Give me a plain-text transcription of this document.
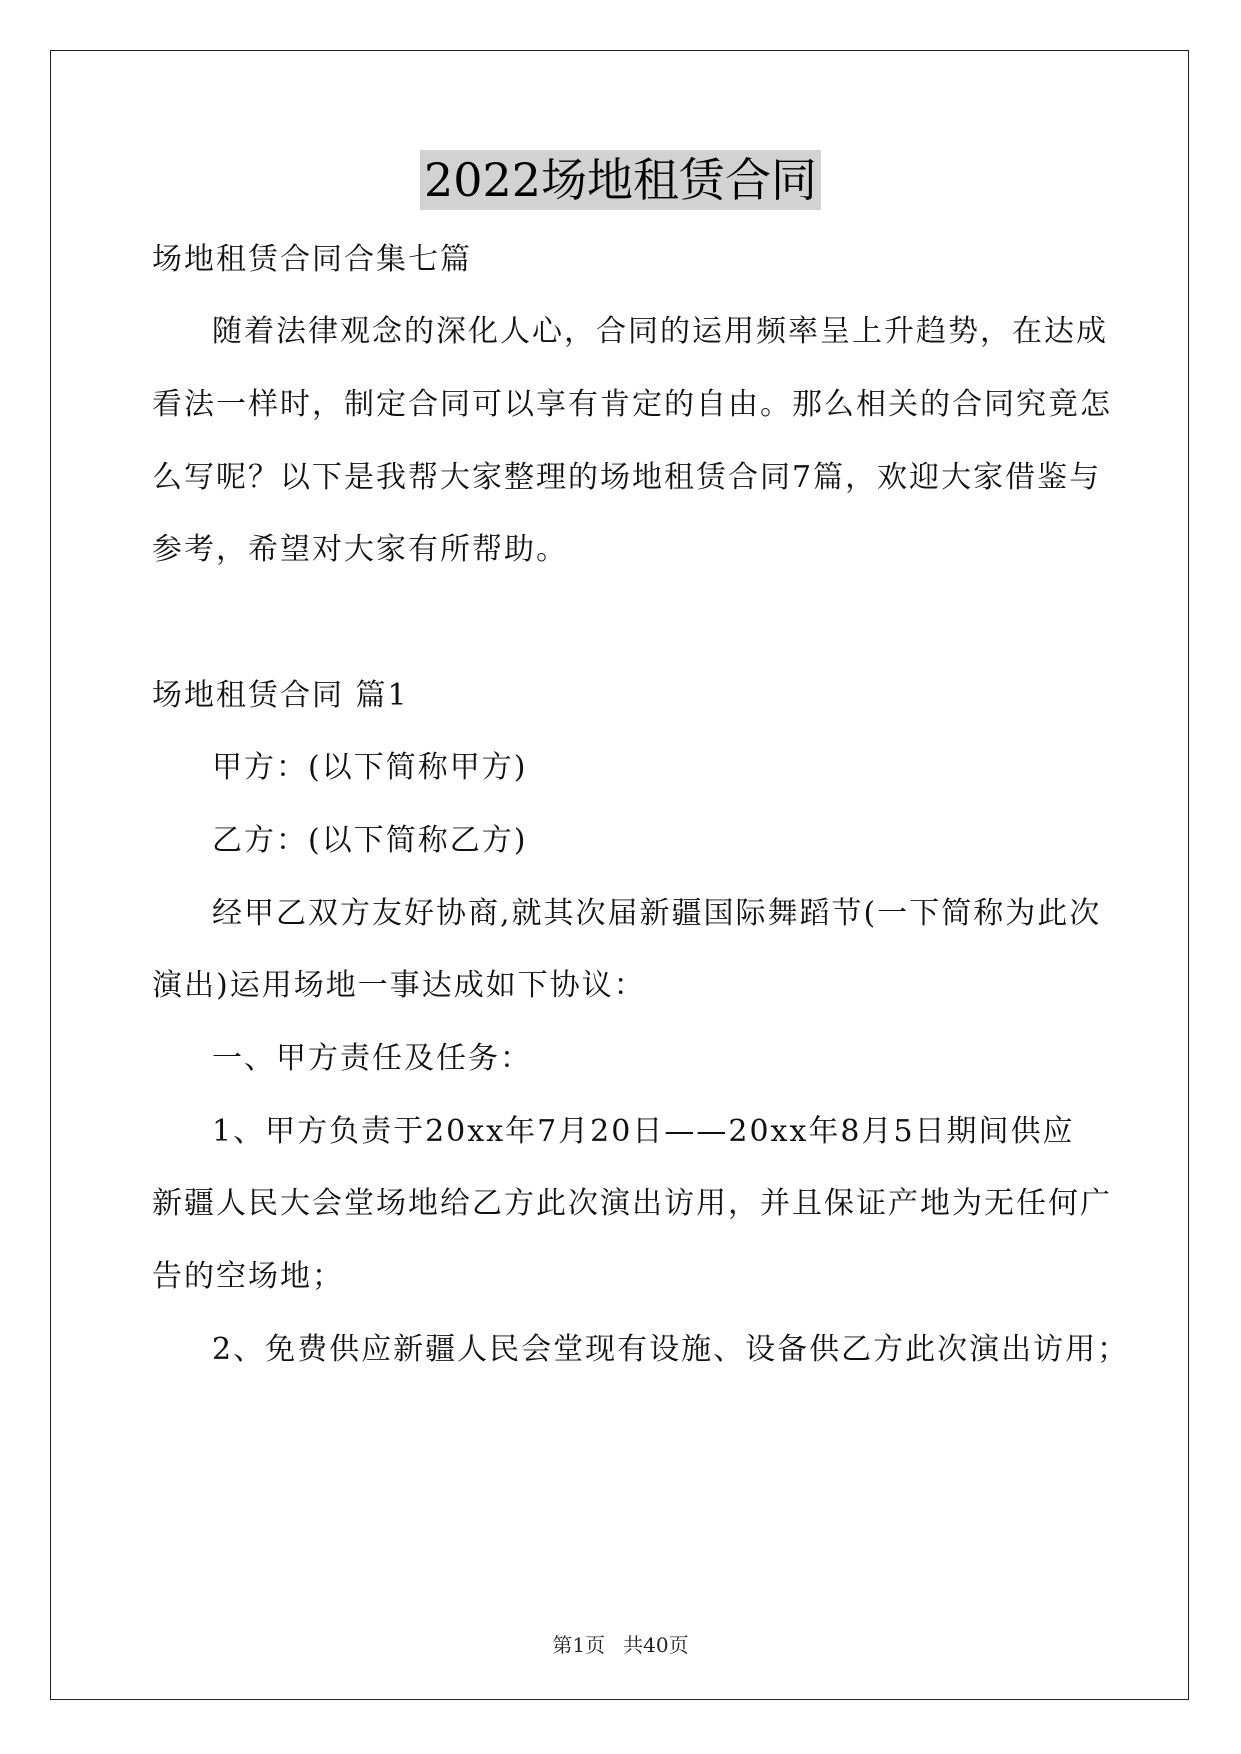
2022场地租赁合同
场地租赁合同合集七篇
随着法律观念的深化人心，合同的运用频率呈上升趋势，在达成
看法一样时，制定合同可以享有肯定的自由。那么相关的合同究竟怎
么写呢？以下是我帮大家整理的场地租赁合同7篇，欢迎大家借鉴与
参考，希望对大家有所帮助。
场地租赁合同 篇1
甲方：(以下简称甲方)
乙方：(以下简称乙方)
经甲乙双方友好协商,就其次届新疆国际舞蹈节(一下简称为此次
演出)运用场地一事达成如下协议：
一、甲方责任及任务：
1、甲方负责于20xx年7月20日——20xx年8月5日期间供应
新疆人民大会堂场地给乙方此次演出访用，并且保证产地为无任何广
告的空场地；
2、免费供应新疆人民会堂现有设施、设备供乙方此次演出访用；
第1页 共40页
